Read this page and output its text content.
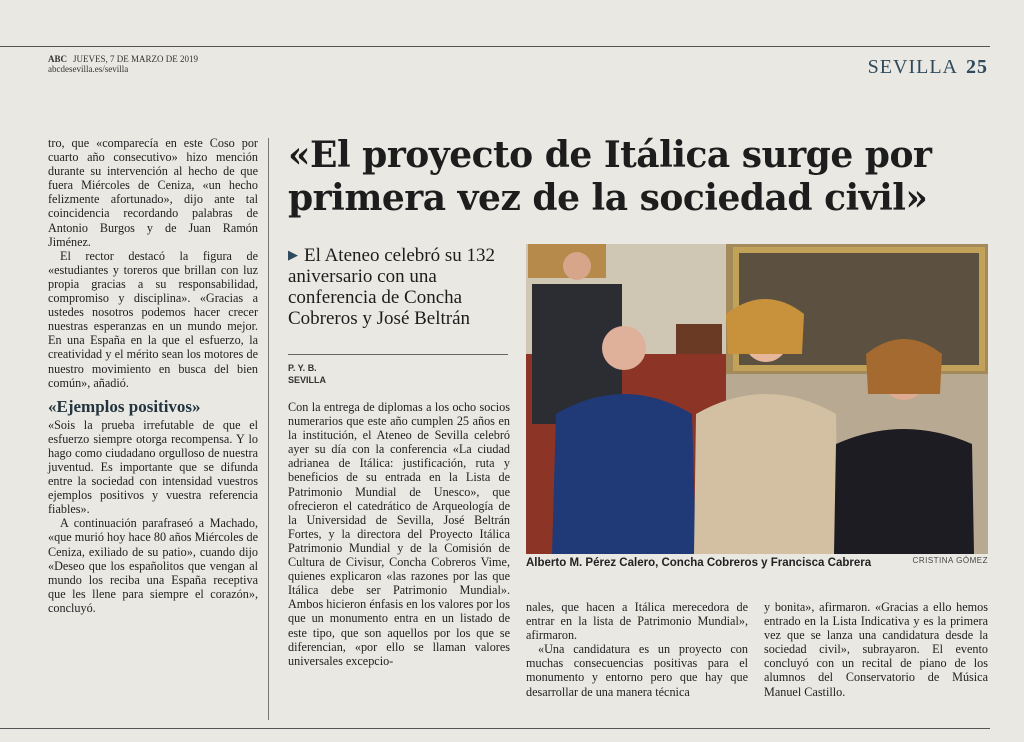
ABC JUEVES, 7 DE MARZO DE 2019
abcdesevilla.es/sevilla	SEVILLA 25

tro, que «comparecía en este Coso por cuarto año consecutivo» hizo mención durante su intervención al hecho de que fuera Miércoles de Ceniza, «un hecho felizmente afortunado», dijo ante tal coincidencia recordando palabras de Antonio Burgos y de Juan Ramón Jiménez.

El rector destacó la figura de «estudiantes y toreros que brillan con luz propia gracias a su responsabilidad, compromiso y disciplina». «Gracias a ustedes nosotros podemos hacer crecer nuestras esperanzas en un mundo mejor. En una España en la que el esfuerzo, la creatividad y el mérito sean los motores de nuestro movimiento en busca del bien común», añadió.

«Ejemplos positivos»

«Sois la prueba irrefutable de que el esfuerzo siempre otorga recompensa. Y lo hago como ciudadano orgulloso de nuestra juventud. Es importante que se difunda entre la sociedad con intensidad vuestros ejemplos positivos y vuestra referencia fiables».

A continuación parafraseó a Machado, «que murió hoy hace 80 años Miércoles de Ceniza, exiliado de su patio», cuando dijo «Deseo que los españolitos que vengan al mundo los reciba una España receptiva que les llene para siempre el corazón», concluyó.

«El proyecto de Itálica surge por primera vez de la sociedad civil»
▶ El Ateneo celebró su 132 aniversario con una conferencia de Concha Cobreros y José Beltrán
P. Y. B.
SEVILLA

Con la entrega de diplomas a los ocho socios numerarios que este año cumplen 25 años en la institución, el Ateneo de Sevilla celebró ayer su día con la conferencia «La ciudad adrianea de Itálica: justificación, ruta y beneficios de su entrada en la Lista de Patrimonio Mundial de Unesco», que ofrecieron el catedrático de Arqueología de la Universidad de Sevilla, José Beltrán Fortes, y la directora del Proyecto Itálica Patrimonio Mundial y de la Comisión de Cultura de Civisur, Concha Cobreros Vime, quienes explicaron «las razones por las que Itálica debe ser Patrimonio Mundial». Ambos hicieron énfasis en los valores por los que un monumento entra en un listado de este tipo, que son aquellos por los que se diferencian, «por ello se llaman valores universales excepcio-

Alberto M. Pérez Calero, Concha Cobreros y Francisca Cabrera	CRISTINA GÓMEZ

nales, que hacen a Itálica merecedora de entrar en la lista de Patrimonio Mundial», afirmaron.

«Una candidatura es un proyecto con muchas consecuencias positivas para el monumento y entorno pero que hay que desarrollar de una manera técnica

y bonita», afirmaron. «Gracias a ello hemos entrado en la Lista Indicativa y es la primera vez que se lanza una candidatura desde la sociedad civil», subrayaron. El evento concluyó con un recital de piano de los alumnos del Conservatorio de Música Manuel Castillo.
